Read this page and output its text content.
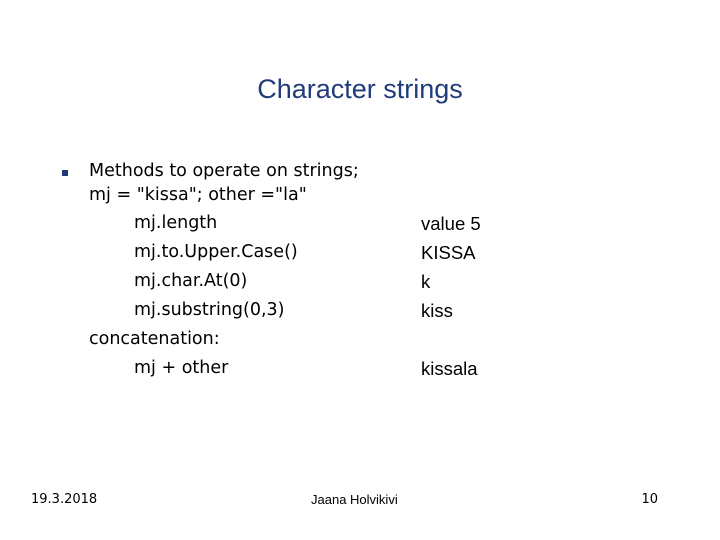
Character strings
Methods to operate on strings;
mj = "kissa"; other ="la"
mj.length	value 5
mj.to.Upper.Case()	KISSA
mj.char.At(0)	k
mj.substring(0,3)	kiss
concatenation:
mj + other	kissala
19.3.2018	Jaana Holvikivi	10
